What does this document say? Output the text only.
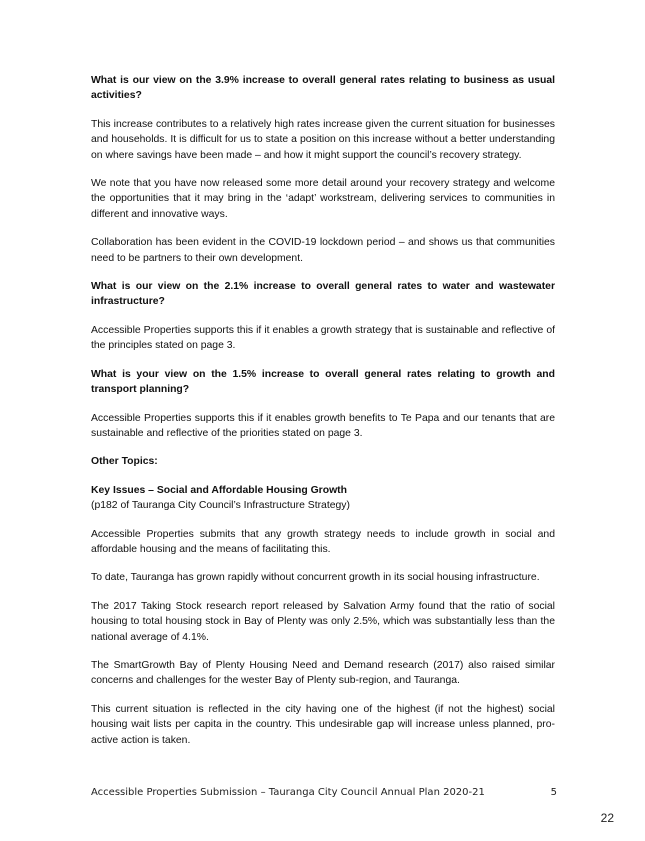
What is our view on the 3.9% increase to overall general rates relating to business as usual activities?
This increase contributes to a relatively high rates increase given the current situation for businesses and households. It is difficult for us to state a position on this increase without a better understanding on where savings have been made – and how it might support the council’s recovery strategy.
We note that you have now released some more detail around your recovery strategy and welcome the opportunities that it may bring in the ‘adapt’ workstream, delivering services to communities in different and innovative ways.
Collaboration has been evident in the COVID-19 lockdown period – and shows us that communities need to be partners to their own development.
What is our view on the 2.1% increase to overall general rates to water and wastewater infrastructure?
Accessible Properties supports this if it enables a growth strategy that is sustainable and reflective of the principles stated on page 3.
What is your view on the 1.5% increase to overall general rates relating to growth and transport planning?
Accessible Properties supports this if it enables growth benefits to Te Papa and our tenants that are sustainable and reflective of the priorities stated on page 3.
Other Topics:
Key Issues – Social and Affordable Housing Growth
(p182 of Tauranga City Council’s Infrastructure Strategy)
Accessible Properties submits that any growth strategy needs to include growth in social and affordable housing and the means of facilitating this.
To date, Tauranga has grown rapidly without concurrent growth in its social housing infrastructure.
The 2017 Taking Stock research report released by Salvation Army found that the ratio of social housing to total housing stock in Bay of Plenty was only 2.5%, which was substantially less than the national average of 4.1%.
The SmartGrowth Bay of Plenty Housing Need and Demand research (2017) also raised similar concerns and challenges for the wester Bay of Plenty sub-region, and Tauranga.
This current situation is reflected in the city having one of the highest (if not the highest) social housing wait lists per capita in the country. This undesirable gap will increase unless planned, pro-active action is taken.
Accessible Properties Submission – Tauranga City Council Annual Plan 2020-21	5
22
